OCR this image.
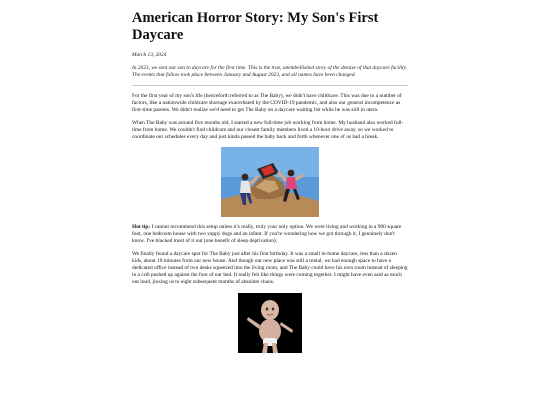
American Horror Story: My Son's First Daycare
March 13, 2024
In 2023, we sent our son to daycare for the first time. This is the true, unembellished story of the demise of that daycare facility. The events that follow took place between January and August 2023, and all names have been changed.

For the first year of my son's life (henceforth referred to as The Baby), we didn't have childcare. This was due to a number of factors, like a nationwide childcare shortage exacerbated by the COVID-19 pandemic, and also our general incompetence as first-time parents. We didn't realize we'd need to get The Baby on a daycare waiting list while he was still in utero.

When The Baby was around five months old, I started a new full-time job working from home. My husband also worked full-time from home. We couldn't find childcare and our closest family members lived a 10-hour drive away, so we worked to coordinate our schedules every day and just kinda passed the baby back and forth whenever one of us had a break.

Hot tip: I cannot recommend this setup unless it's really, truly your only option. We were living and working in a 900 square foot, one bedroom house with two yappy dogs and an infant. If you're wondering how we got through it, I genuinely don't know. I've blacked most of it out (one benefit of sleep deprivation).

We finally found a daycare spot for The Baby just after his first birthday. It was a small in-home daycare, less than a dozen kids, about 10 minutes from our new house. And though our new place was still a rental, we had enough space to have a dedicated office instead of two desks squeezed into the living room, and The Baby could have his own room instead of sleeping in a crib pushed up against the foot of our bed. It really felt like things were coming together. I might have even said as much out loud, jinxing us to eight subsequent months of absolute chaos.
